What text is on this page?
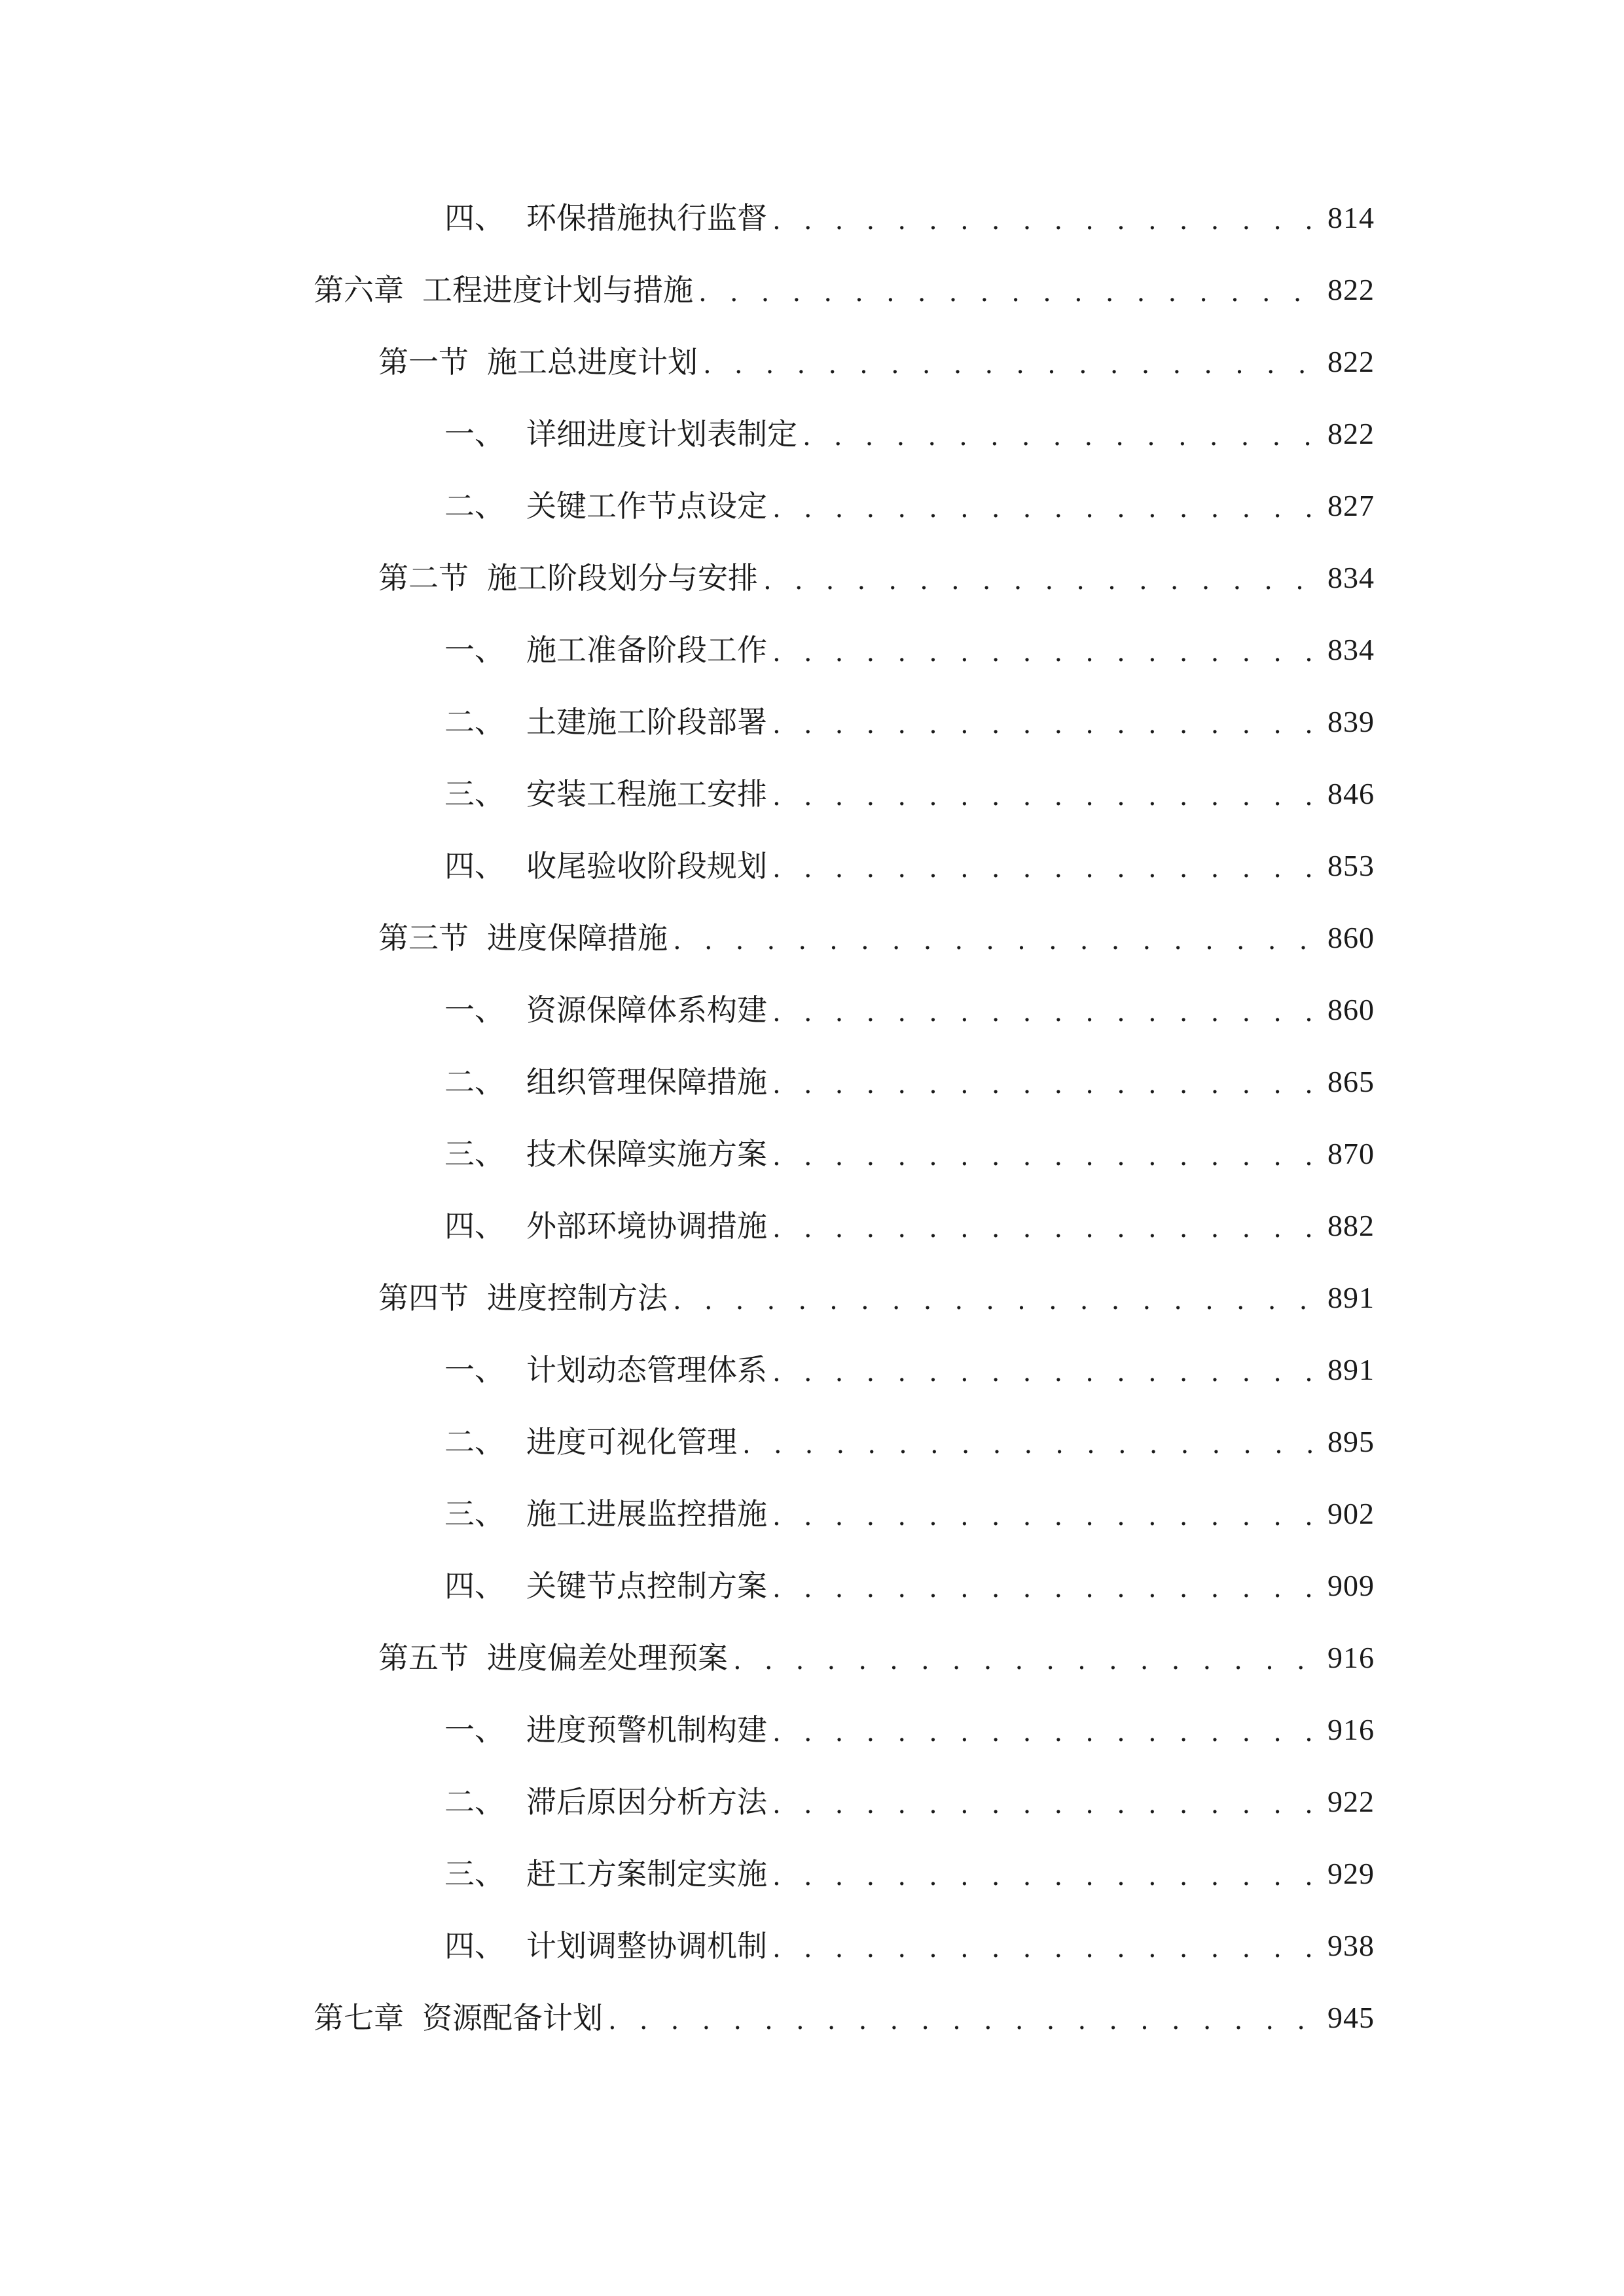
四、 环保措施执行监督 . . .	814
第六章 工程进度计划与措施 . . .	822
第一节 施工总进度计划 . . .	822
一、 详细进度计划表制定 . . .	822
二、 关键工作节点设定 . . .	827
第二节 施工阶段划分与安排 . . .	834
一、 施工准备阶段工作 . . .	834
二、 土建施工阶段部署 . . .	839
三、 安装工程施工安排 . . .	846
四、 收尾验收阶段规划 . . .	853
第三节 进度保障措施 . . .	860
一、 资源保障体系构建 . . .	860
二、 组织管理保障措施 . . .	865
三、 技术保障实施方案 . . .	870
四、 外部环境协调措施 . . .	882
第四节 进度控制方法 . . .	891
一、 计划动态管理体系 . . .	891
二、 进度可视化管理 . . .	895
三、 施工进展监控措施 . . .	902
四、 关键节点控制方案 . . .	909
第五节 进度偏差处理预案 . . .	916
一、 进度预警机制构建 . . .	916
二、 滞后原因分析方法 . . .	922
三、 赶工方案制定实施 . . .	929
四、 计划调整协调机制 . . .	938
第七章 资源配备计划 . . .	945
